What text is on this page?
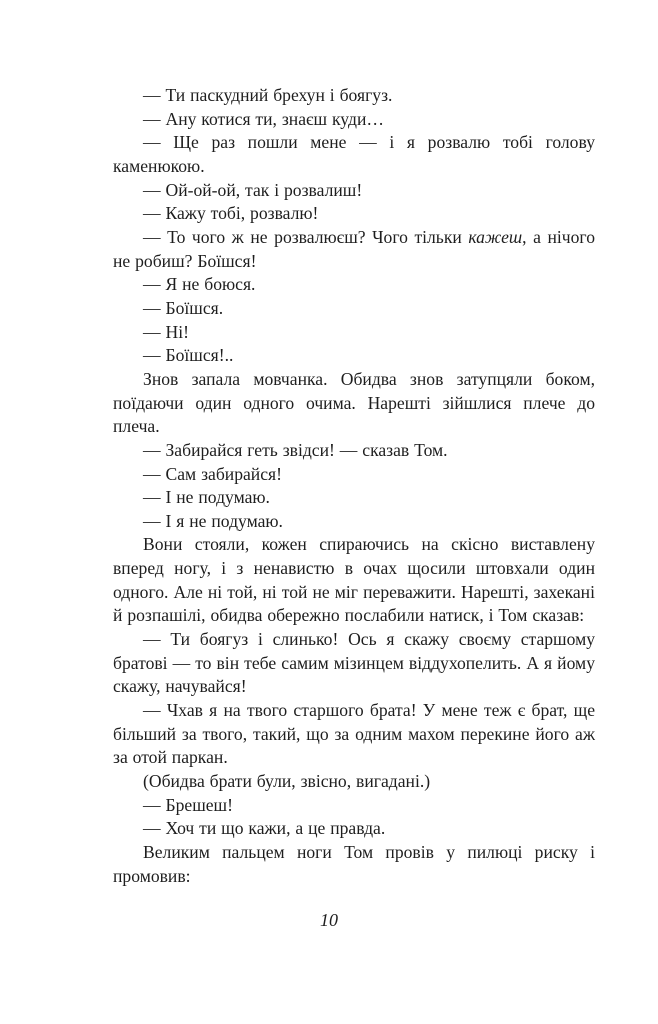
— Ти паскудний брехун і боягуз.

— Ану котися ти, знаєш куди…

— Ще раз пошли мене — і я розвалю тобі голову каменюкою.

— Ой-ой-ой, так і розвалиш!

— Кажу тобі, розвалю!

— То чого ж не розвалюєш? Чого тільки кажеш, а нічого не робиш? Боїшся!

— Я не боюся.

— Боїшся.

— Ні!

— Боїшся!..

Знов запала мовчанка. Обидва знов затупцяли боком, поїдаючи один одного очима. Нарешті зійшлися плече до плеча.

— Забирайся геть звідси! — сказав Том.

— Сам забирайся!

— І не подумаю.

— І я не подумаю.

Вони стояли, кожен спираючись на скісно виставлену вперед ногу, і з ненавистю в очах щосили штовхали один одного. Але ні той, ні той не міг переважити. Нарешті, захекані й розпашілі, обидва обережно послабили натиск, і Том сказав:

— Ти боягуз і слинько! Ось я скажу своєму старшому братові — то він тебе самим мізинцем віддухопелить. А я йому скажу, начувайся!

— Чхав я на твого старшого брата! У мене теж є брат, ще більший за твого, такий, що за одним махом перекине його аж за отой паркан.

(Обидва брати були, звісно, вигадані.)

— Брешеш!

— Хоч ти що кажи, а це правда.

Великим пальцем ноги Том провів у пилюці риску і промовив:

10
